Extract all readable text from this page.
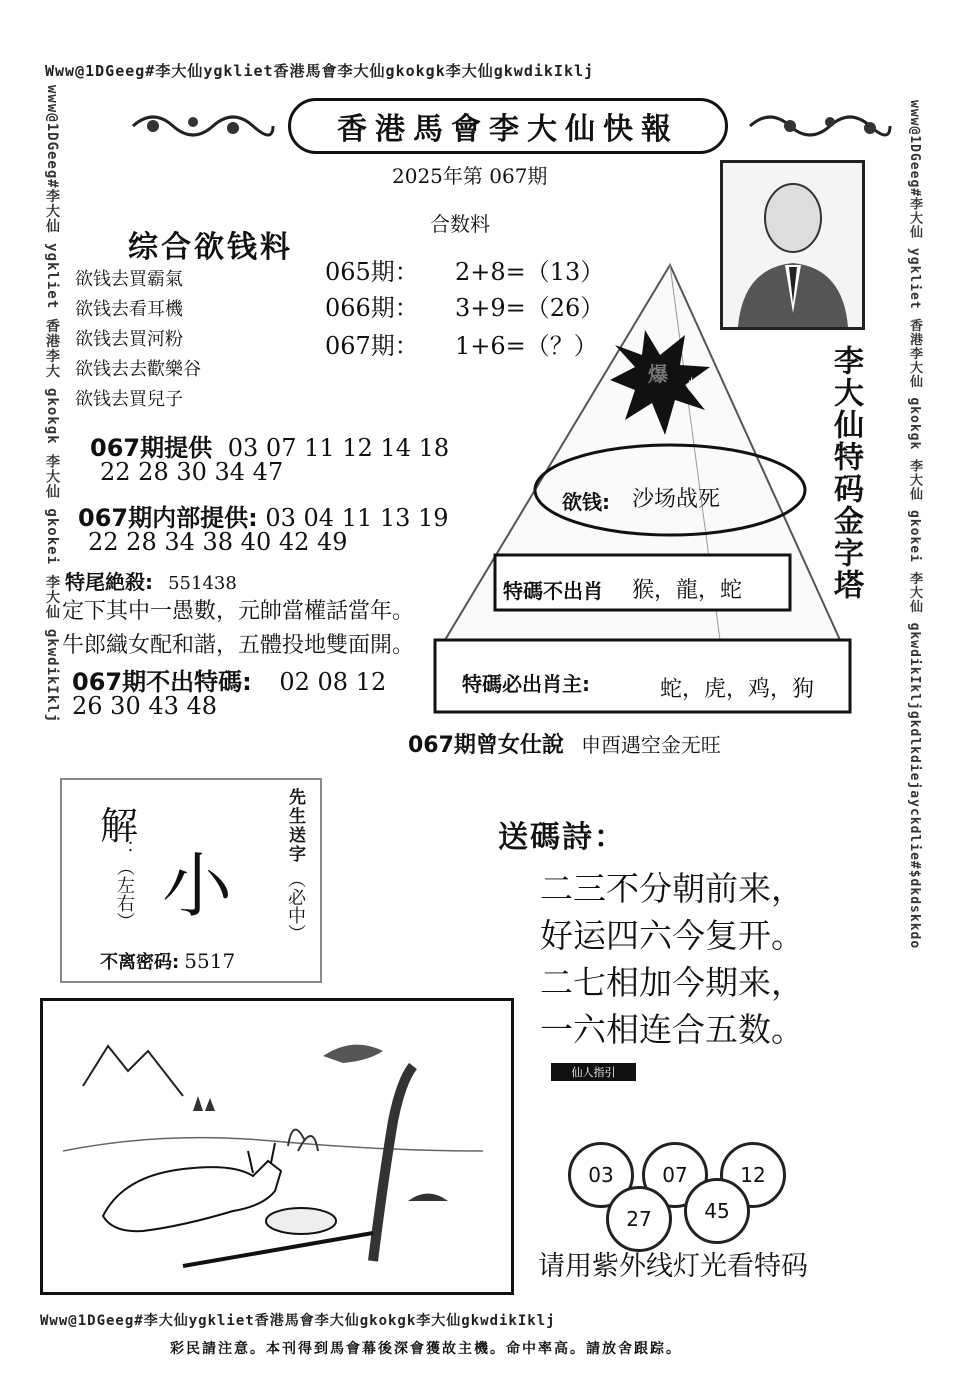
Www@1DGeeg#李大仙ygkliet香港馬會李大仙gkokgk李大仙gkwdikIklj
www@1DGeeg#李大仙 ygkliet 香港李大 gkokgk 李大仙 gkokei 李大仙 gkwdikIklj	www@1DGeeg#李大仙 ygkliet 香港李大仙 gkokgk 李大仙 gkokei 李大仙 gkwdikIkljgkdlkdiejayckdlie#$dkdskkdo
Www@1DGeeg#李大仙ygkliet香港馬會李大仙gkokgk李大仙gkwdikIklj
彩民請注意。本刊得到馬會幕後深會獲故主機。命中率高。請放舍跟踪。
香港馬會李大仙快報
2025年第 067期
合数料
065期： 2+8=（13）
066期： 3+9=（26）
067期： 1+6=（？）
综合欲钱料
欲钱去買霸氣
欲钱去看耳機
欲钱去買河粉
欲钱去去歡樂谷
欲钱去買兒子
爆 蛇
欲钱: 沙场战死
特碼不出肖 猴，龍，蛇
特碼必出肖主:	蛇，虎，鸡，狗
李大仙特码金字塔
067期提供 03 07 11 12 14 18
22 28 30 34 47
067期内部提供: 03 04 11 13 19
22 28 34 38 40 42 49
特尾絶殺: 551438
定下其中一愚數，元帥當權話當年。
牛郎織女配和諧，五體投地雙面開。
067期不出特碼: 02 08 12
26 30 43 48
067期曾女仕說 申酉遇空金无旺
解
：（左右） 小
先生送字
（必中）
不离密码: 5517
送碼詩：
二三不分朝前来，
好运四六今复开。
二七相加今期来，
一六相连合五数。
仙人指引
03	07	12
27	45
请用紫外线灯光看特码
